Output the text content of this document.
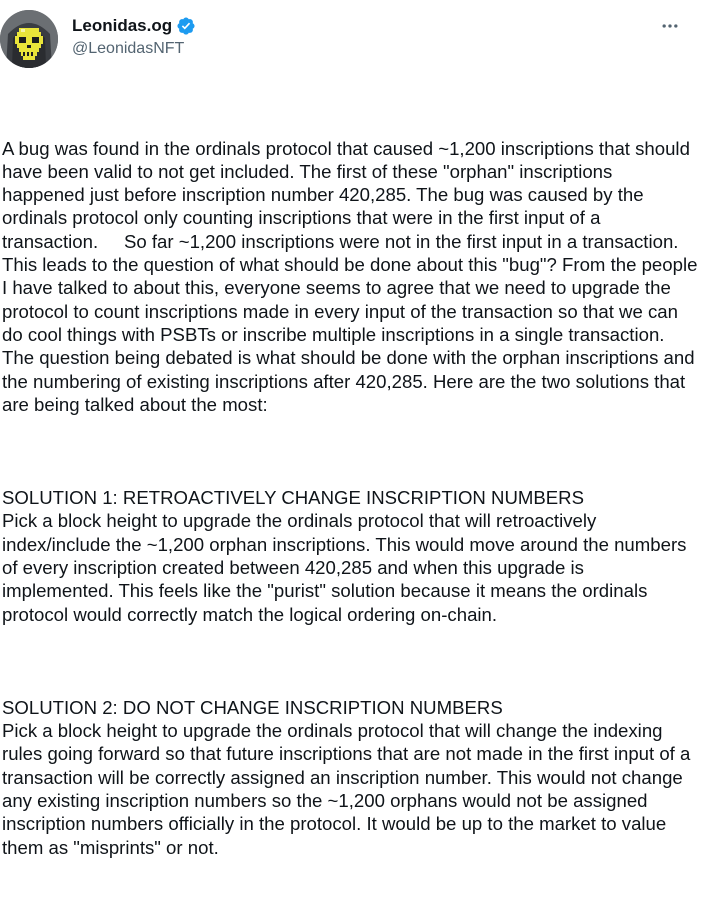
Leonidas.og
@LeonidasNFT

A bug was found in the ordinals protocol that caused ~1,200 inscriptions that should have been valid to not get included. The first of these "orphan" inscriptions happened just before inscription number 420,285. The bug was caused by the ordinals protocol only counting inscriptions that were in the first input of a transaction.     So far ~1,200 inscriptions were not in the first input in a transaction. This leads to the question of what should be done about this "bug"? From the people I have talked to about this, everyone seems to agree that we need to upgrade the protocol to count inscriptions made in every input of the transaction so that we can do cool things with PSBTs or inscribe multiple inscriptions in a single transaction. The question being debated is what should be done with the orphan inscriptions and the numbering of existing inscriptions after 420,285. Here are the two solutions that are being talked about the most:

SOLUTION 1: RETROACTIVELY CHANGE INSCRIPTION NUMBERS
Pick a block height to upgrade the ordinals protocol that will retroactively index/include the ~1,200 orphan inscriptions. This would move around the numbers of every inscription created between 420,285 and when this upgrade is implemented. This feels like the "purist" solution because it means the ordinals protocol would correctly match the logical ordering on-chain.

SOLUTION 2: DO NOT CHANGE INSCRIPTION NUMBERS
Pick a block height to upgrade the ordinals protocol that will change the indexing rules going forward so that future inscriptions that are not made in the first input of a transaction will be correctly assigned an inscription number. This would not change any existing inscription numbers so the ~1,200 orphans would not be assigned inscription numbers officially in the protocol. It would be up to the market to value them as "misprints" or not.
